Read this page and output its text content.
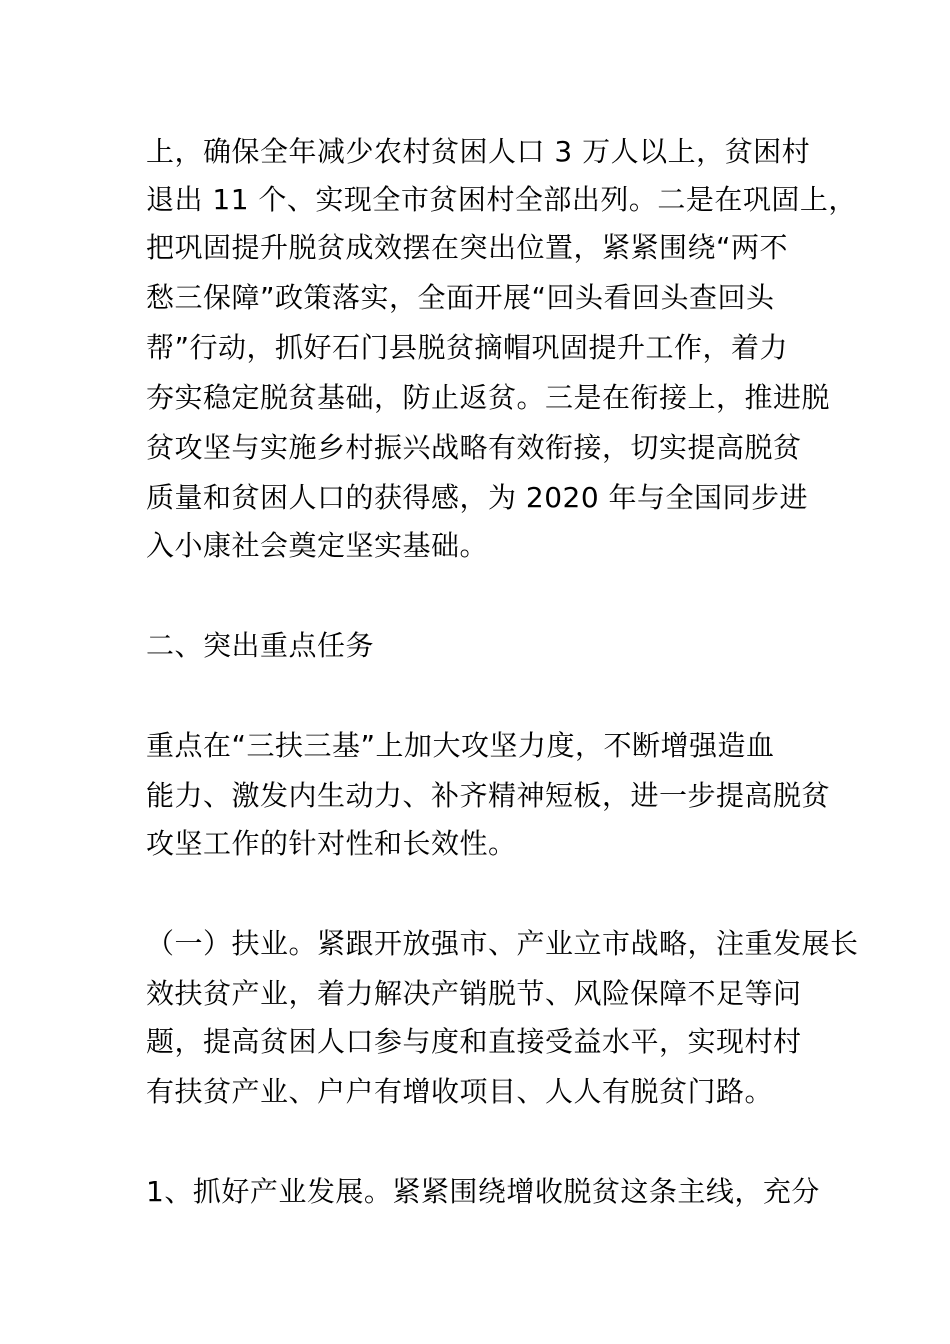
上，确保全年减少农村贫困人口 3 万人以上，贫困村
退出 11 个、实现全市贫困村全部出列。二是在巩固上，
把巩固提升脱贫成效摆在突出位置，紧紧围绕“两不
愁三保障”政策落实，全面开展“回头看回头查回头
帮”行动，抓好石门县脱贫摘帽巩固提升工作，着力
夯实稳定脱贫基础，防止返贫。三是在衔接上，推进脱
贫攻坚与实施乡村振兴战略有效衔接，切实提高脱贫
质量和贫困人口的获得感，为 2020 年与全国同步进
入小康社会奠定坚实基础。
二、突出重点任务
重点在“三扶三基”上加大攻坚力度，不断增强造血
能力、激发内生动力、补齐精神短板，进一步提高脱贫
攻坚工作的针对性和长效性。
（一）扶业。紧跟开放强市、产业立市战略，注重发展长
效扶贫产业，着力解决产销脱节、风险保障不足等问
题，提高贫困人口参与度和直接受益水平，实现村村
有扶贫产业、户户有增收项目、人人有脱贫门路。
1、抓好产业发展。紧紧围绕增收脱贫这条主线，充分
